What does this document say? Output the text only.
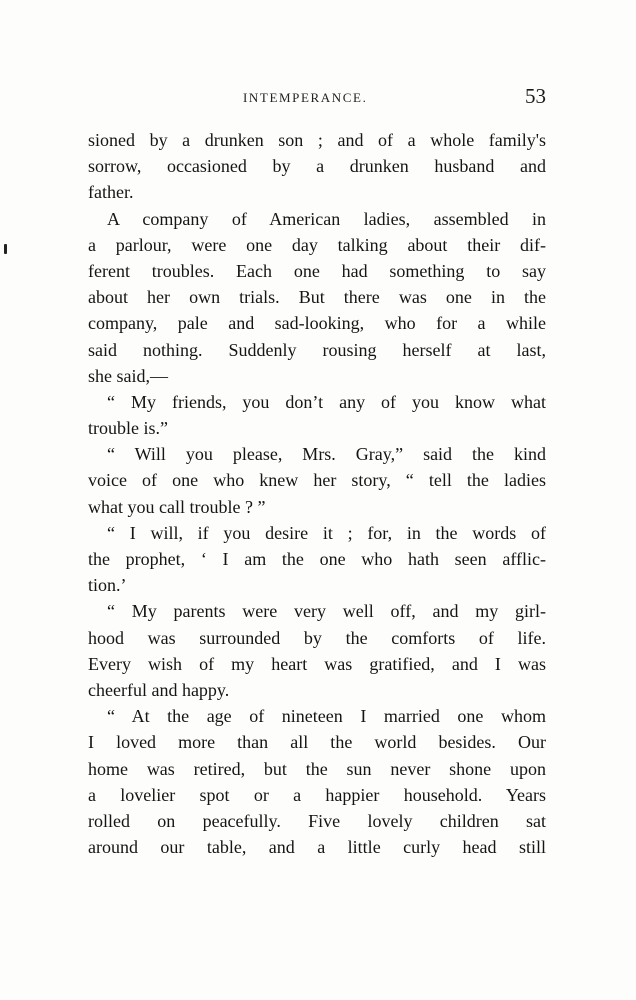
INTEMPERANCE.	53
sioned by a drunken son ; and of a whole family's
sorrow, occasioned by a drunken husband and
father.
A company of American ladies, assembled in
a parlour, were one day talking about their dif-
ferent troubles. Each one had something to say
about her own trials. But there was one in the
company, pale and sad-looking, who for a while
said nothing. Suddenly rousing herself at last,
she said,—
“ My friends, you don’t any of you know what
trouble is.”
“ Will you please, Mrs. Gray,” said the kind
voice of one who knew her story, “ tell the ladies
what you call trouble ? ”
“ I will, if you desire it ; for, in the words of
the prophet, ‘ I am the one who hath seen afflic-
tion.’
“ My parents were very well off, and my girl-
hood was surrounded by the comforts of life.
Every wish of my heart was gratified, and I was
cheerful and happy.
“ At the age of nineteen I married one whom
I loved more than all the world besides. Our
home was retired, but the sun never shone upon
a lovelier spot or a happier household. Years
rolled on peacefully. Five lovely children sat
around our table, and a little curly head still
